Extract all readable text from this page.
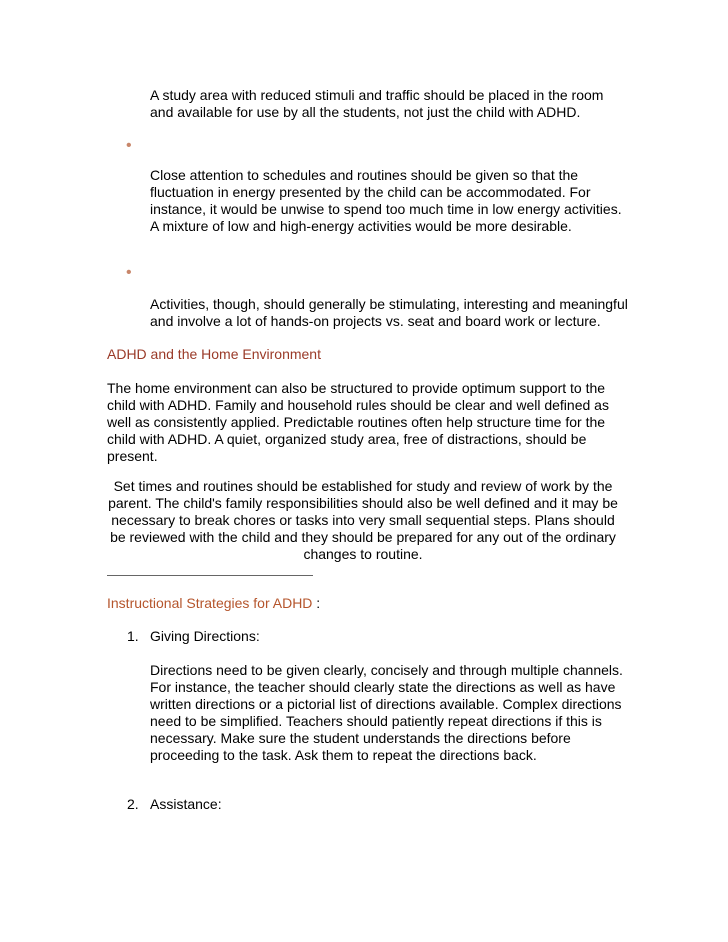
A study area with reduced stimuli and traffic should be placed in the room and available for use by all the students, not just the child with ADHD.

•

Close attention to schedules and routines should be given so that the fluctuation in energy presented by the child can be accommodated. For instance, it would be unwise to spend too much time in low energy activities. A mixture of low and high-energy activities would be more desirable.

•

Activities, though, should generally be stimulating, interesting and meaningful and involve a lot of hands-on projects vs. seat and board work or lecture.

ADHD and the Home Environment

The home environment can also be structured to provide optimum support to the child with ADHD. Family and household rules should be clear and well defined as well as consistently applied. Predictable routines often help structure time for the child with ADHD. A quiet, organized study area, free of distractions, should be present.

Set times and routines should be established for study and review of work by the parent. The child's family responsibilities should also be well defined and it may be necessary to break chores or tasks into very small sequential steps. Plans should be reviewed with the child and they should be prepared for any out of the ordinary changes to routine.

Instructional Strategies for ADHD :
1. Giving Directions:

Directions need to be given clearly, concisely and through multiple channels. For instance, the teacher should clearly state the directions as well as have written directions or a pictorial list of directions available. Complex directions need to be simplified. Teachers should patiently repeat directions if this is necessary. Make sure the student understands the directions before proceeding to the task. Ask them to repeat the directions back.

2. Assistance:
